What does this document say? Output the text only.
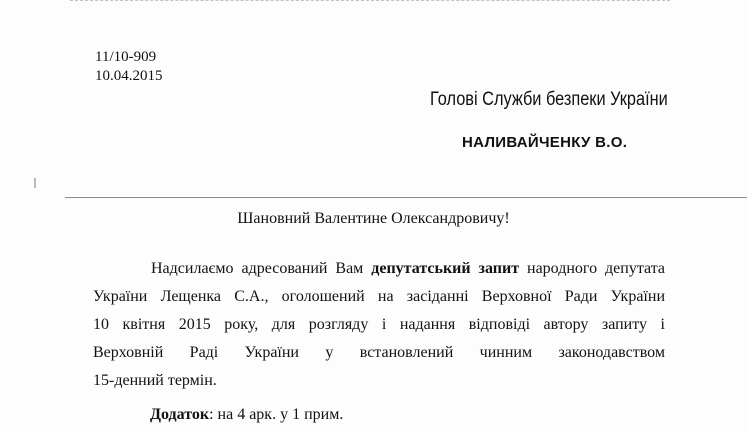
11/10-909
10.04.2015
Голові Служби безпеки України
НАЛИВАЙЧЕНКУ В.О.
Шановний Валентине Олександровичу!
Надсилаємо адресований Вам депутатський запит народного депутата
України Лещенка С.А., оголошений на засіданні Верховної Ради України
10 квітня 2015 року, для розгляду і надання відповіді автору запиту і
Верховній Раді України у встановлений чинним законодавством
15-денний термін.
Додаток: на 4 арк. у 1 прим.
